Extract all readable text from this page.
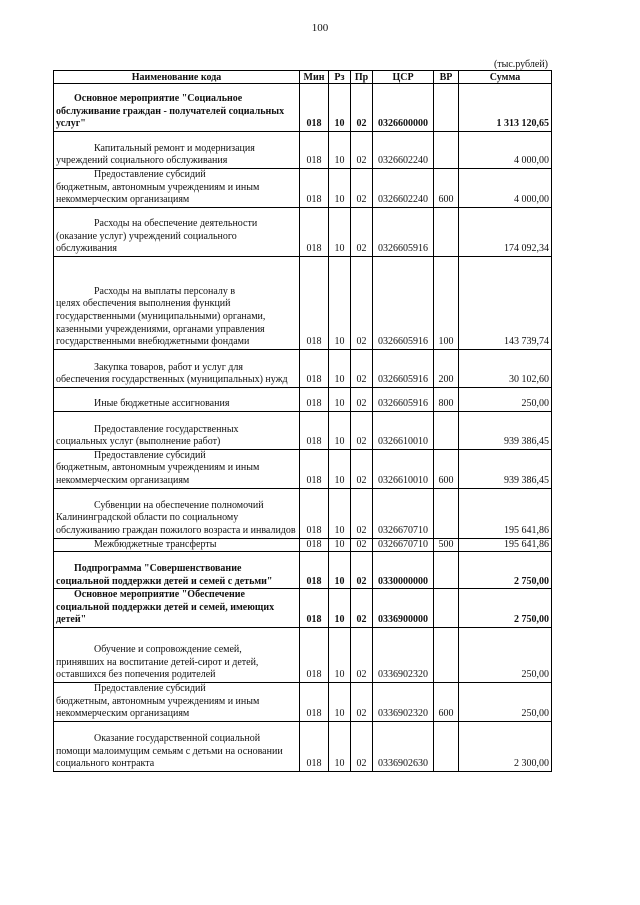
100
(тыс.рублей)
Наименование кода	Мин	Рз	Пр	ЦСР	ВР	Сумма

Основное мероприятие "Социальное
обслуживание граждан - получателей социальных услуг"	018	10	02	0326600000		1 313 120,65

Капитальный ремонт и модернизация
учреждений социального обслуживания	018	10	02	0326602240		4 000,00

Предоставление субсидий
бюджетным, автономным учреждениям и иным некоммерческим организациям	018	10	02	0326602240	600	4 000,00

Расходы на обеспечение деятельности
(оказание услуг) учреждений социального обслуживания	018	10	02	0326605916		174 092,34

Расходы на выплаты персоналу в
целях обеспечения выполнения функций государственными (муниципальными) органами, казенными учреждениями, органами управления государственными внебюджетными фондами	018	10	02	0326605916	100	143 739,74

Закупка товаров, работ и услуг для
обеспечения государственных (муниципальных) нужд	018	10	02	0326605916	200	30 102,60

Иные бюджетные ассигнования	018	10	02	0326605916	800	250,00

Предоставление государственных
социальных услуг (выполнение работ)	018	10	02	0326610010		939 386,45

Предоставление субсидий
бюджетным, автономным учреждениям и иным некоммерческим организациям	018	10	02	0326610010	600	939 386,45

Субвенции на обеспечение полномочий
Калининградской области по социальному обслуживанию граждан пожилого возраста и инвалидов	018	10	02	0326670710		195 641,86

Межбюджетные трансферты	018	10	02	0326670710	500	195 641,86

Подпрограмма "Совершенствование
социальной поддержки детей и семей с детьми"	018	10	02	0330000000		2 750,00

Основное мероприятие "Обеспечение
социальной поддержки детей и семей, имеющих детей"	018	10	02	0336900000		2 750,00

Обучение и сопровождение семей,
принявших на воспитание детей-сирот и детей, оставшихся без попечения родителей	018	10	02	0336902320		250,00

Предоставление субсидий
бюджетным, автономным учреждениям и иным некоммерческим организациям	018	10	02	0336902320	600	250,00

Оказание государственной социальной
помощи малоимущим семьям с детьми на основании социального контракта	018	10	02	0336902630		2 300,00
